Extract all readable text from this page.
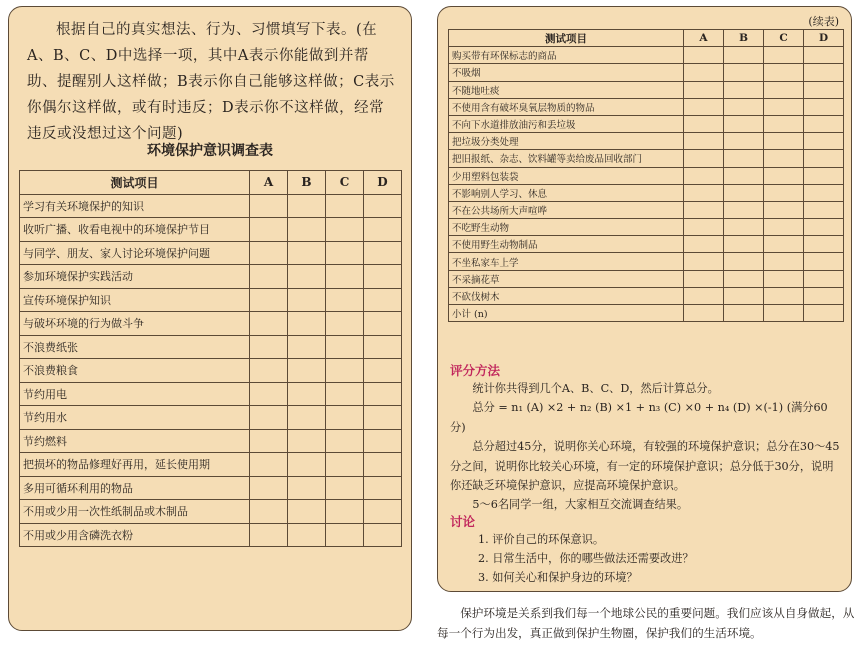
根据自己的真实想法、行为、习惯填写下表。(在A、B、C、D中选择一项，其中A表示你能做到并帮助、提醒别人这样做；B表示你自己能够这样做；C表示你偶尔这样做，或有时违反；D表示你不这样做，经常违反或没想过这个问题)
环境保护意识调查表
测试项目	A	B	C	D
学习有关环境保护的知识				
收听广播、收看电视中的环境保护节目				
与同学、朋友、家人讨论环境保护问题				
参加环境保护实践活动				
宣传环境保护知识				
与破坏环境的行为做斗争				
不浪费纸张				
不浪费粮食				
节约用电				
节约用水				
节约燃料				
把损坏的物品修理好再用，延长使用期				
多用可循环利用的物品				
不用或少用一次性纸制品或木制品				
不用或少用含磷洗衣粉				
(续表)
测试项目	A	B	C	D
购买带有环保标志的商品				
不吸烟				
不随地吐痰				
不使用含有破坏臭氧层物质的物品				
不向下水道排放油污和丢垃圾				
把垃圾分类处理				
把旧报纸、杂志、饮料罐等卖给废品回收部门				
少用塑料包装袋				
不影响别人学习、休息				
不在公共场所大声喧哗				
不吃野生动物				
不使用野生动物制品				
不坐私家车上学				
不采摘花草				
不砍伐树木				
小计 (n)				
评分方法
统计你共得到几个A、B、C、D，然后计算总分。
总分 = n₁ (A) ×2 + n₂ (B) ×1 + n₃ (C) ×0 + n₄ (D) ×(-1) (满分60分)
总分超过45分，说明你关心环境，有较强的环境保护意识；总分在30～45分之间，说明你比较关心环境，有一定的环境保护意识；总分低于30分，说明你还缺乏环境保护意识，应提高环境保护意识。
5～6名同学一组，大家相互交流调查结果。
讨论
1. 评价自己的环保意识。
2. 日常生活中，你的哪些做法还需要改进？
3. 如何关心和保护身边的环境？
保护环境是关系到我们每一个地球公民的重要问题。我们应该从自身做起，从每一个行为出发，真正做到保护生物圈，保护我们的生活环境。
